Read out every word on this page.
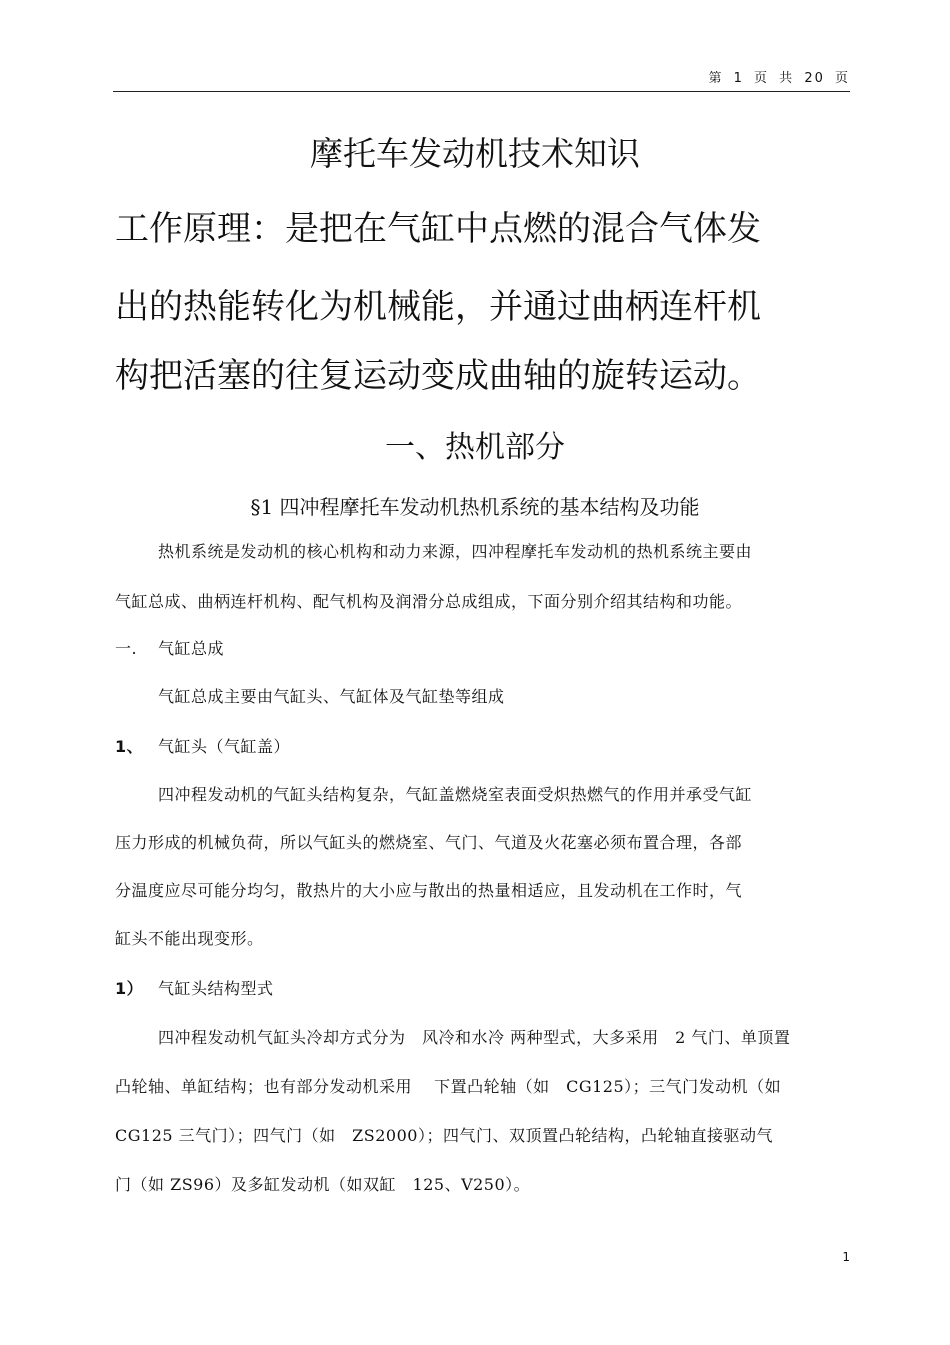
第 1 页 共 20 页
摩托车发动机技术知识
工作原理：是把在气缸中点燃的混合气体发
出的热能转化为机械能，并通过曲柄连杆机
构把活塞的往复运动变成曲轴的旋转运动。
一、热机部分
§1 四冲程摩托车发动机热机系统的基本结构及功能
热机系统是发动机的核心机构和动力来源，四冲程摩托车发动机的热机系统主要由
气缸总成、曲柄连杆机构、配气机构及润滑分总成组成，下面分别介绍其结构和功能。
一. 气缸总成
气缸总成主要由气缸头、气缸体及气缸垫等组成
1、 气缸头（气缸盖）
四冲程发动机的气缸头结构复杂，气缸盖燃烧室表面受炽热燃气的作用并承受气缸
压力形成的机械负荷，所以气缸头的燃烧室、气门、气道及火花塞必须布置合理，各部
分温度应尽可能分均匀，散热片的大小应与散出的热量相适应，且发动机在工作时，气
缸头不能出现变形。
1） 气缸头结构型式
四冲程发动机气缸头冷却方式分为　风冷和水冷 两种型式，大多采用　2 气门、单顶置
凸轮轴、单缸结构；也有部分发动机采用　 下置凸轮轴（如　CG125）；三气门发动机（如
CG125 三气门）；四气门（如　ZS2000）；四气门、双顶置凸轮结构，凸轮轴直接驱动气
门（如 ZS96）及多缸发动机（如双缸　125、V250）。
1
